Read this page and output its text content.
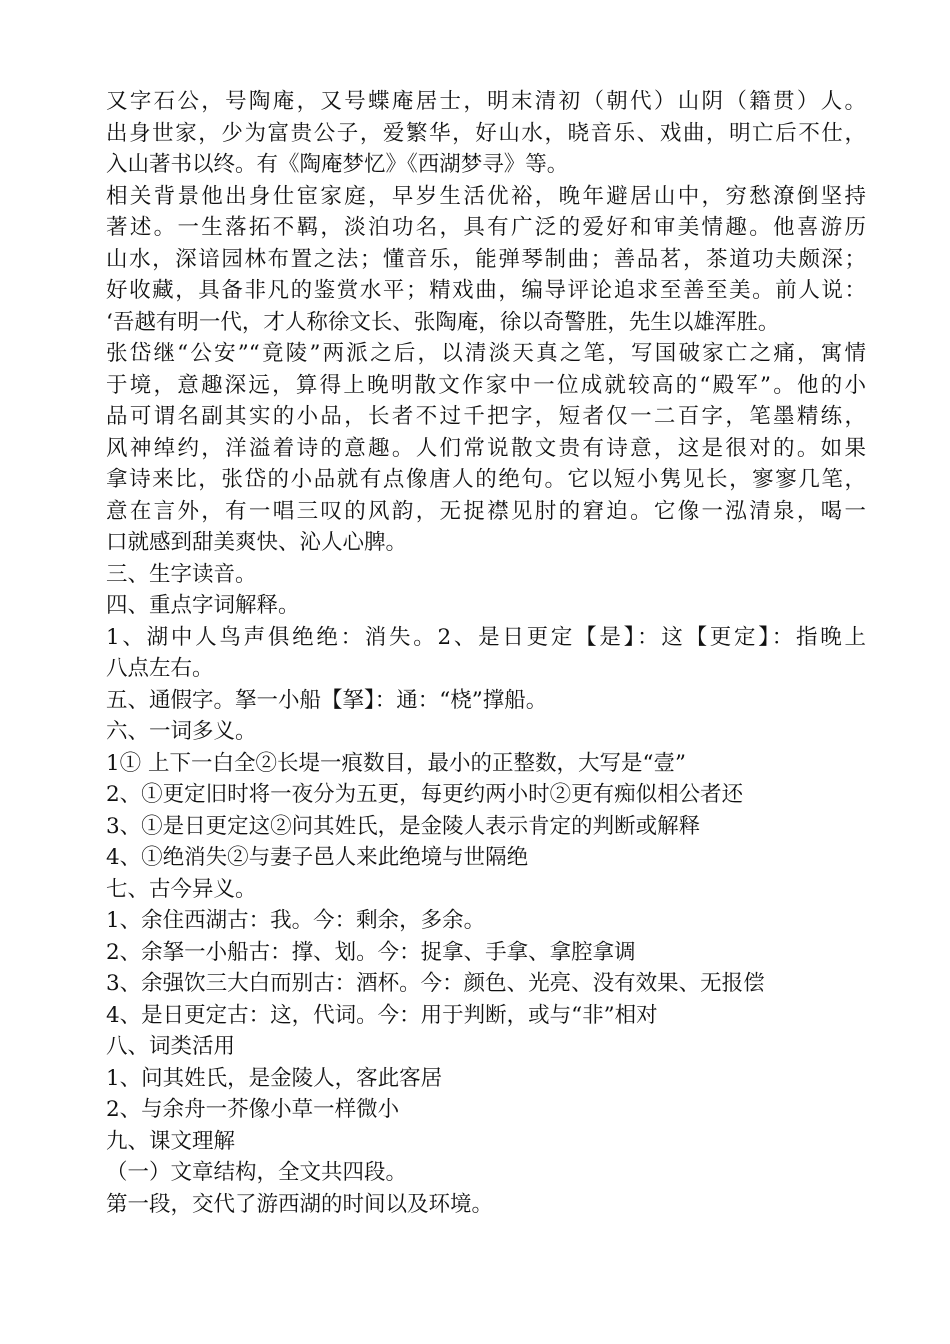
又字石公，号陶庵，又号蝶庵居士，明末清初（朝代）山阴（籍贯）人。
出身世家，少为富贵公子，爱繁华，好山水，晓音乐、戏曲，明亡后不仕，
入山著书以终。有《陶庵梦忆》《西湖梦寻》等。
相关背景他出身仕宦家庭，早岁生活优裕，晚年避居山中，穷愁潦倒坚持
著述。一生落拓不羁，淡泊功名，具有广泛的爱好和审美情趣。他喜游历
山水，深谙园林布置之法；懂音乐，能弹琴制曲；善品茗，茶道功夫颇深；
好收藏，具备非凡的鉴赏水平；精戏曲，编导评论追求至善至美。前人说：
‘吾越有明一代，才人称徐文长、张陶庵，徐以奇警胜，先生以雄浑胜。
张岱继“公安”“竟陵”两派之后，以清淡天真之笔，写国破家亡之痛，寓情
于境，意趣深远，算得上晚明散文作家中一位成就较高的“殿军”。他的小
品可谓名副其实的小品，长者不过千把字，短者仅一二百字，笔墨精练，
风神绰约，洋溢着诗的意趣。人们常说散文贵有诗意，这是很对的。如果
拿诗来比，张岱的小品就有点像唐人的绝句。它以短小隽见长，寥寥几笔，
意在言外，有一唱三叹的风韵，无捉襟见肘的窘迫。它像一泓清泉，喝一
口就感到甜美爽快、沁人心脾。
三、生字读音。
四、重点字词解释。
1、湖中人鸟声俱绝绝：消失。2、是日更定【是】：这【更定】：指晚上
八点左右。
五、通假字。拏一小船【拏】：通：“桡”撑船。
六、一词多义。
1① 上下一白全②长堤一痕数目，最小的正整数，大写是“壹”
2、①更定旧时将一夜分为五更，每更约两小时②更有痴似相公者还
3、①是日更定这②问其姓氏，是金陵人表示肯定的判断或解释
4、①绝消失②与妻子邑人来此绝境与世隔绝
七、古今异义。
1、余住西湖古：我。今：剩余，多余。
2、余拏一小船古：撑、划。今：捉拿、手拿、拿腔拿调
3、余强饮三大白而别古：酒杯。今：颜色、光亮、没有效果、无报偿
4、是日更定古：这，代词。今：用于判断，或与“非”相对
八、词类活用
1、问其姓氏，是金陵人，客此客居
2、与余舟一芥像小草一样微小
九、课文理解
（一）文章结构，全文共四段。
第一段，交代了游西湖的时间以及环境。
